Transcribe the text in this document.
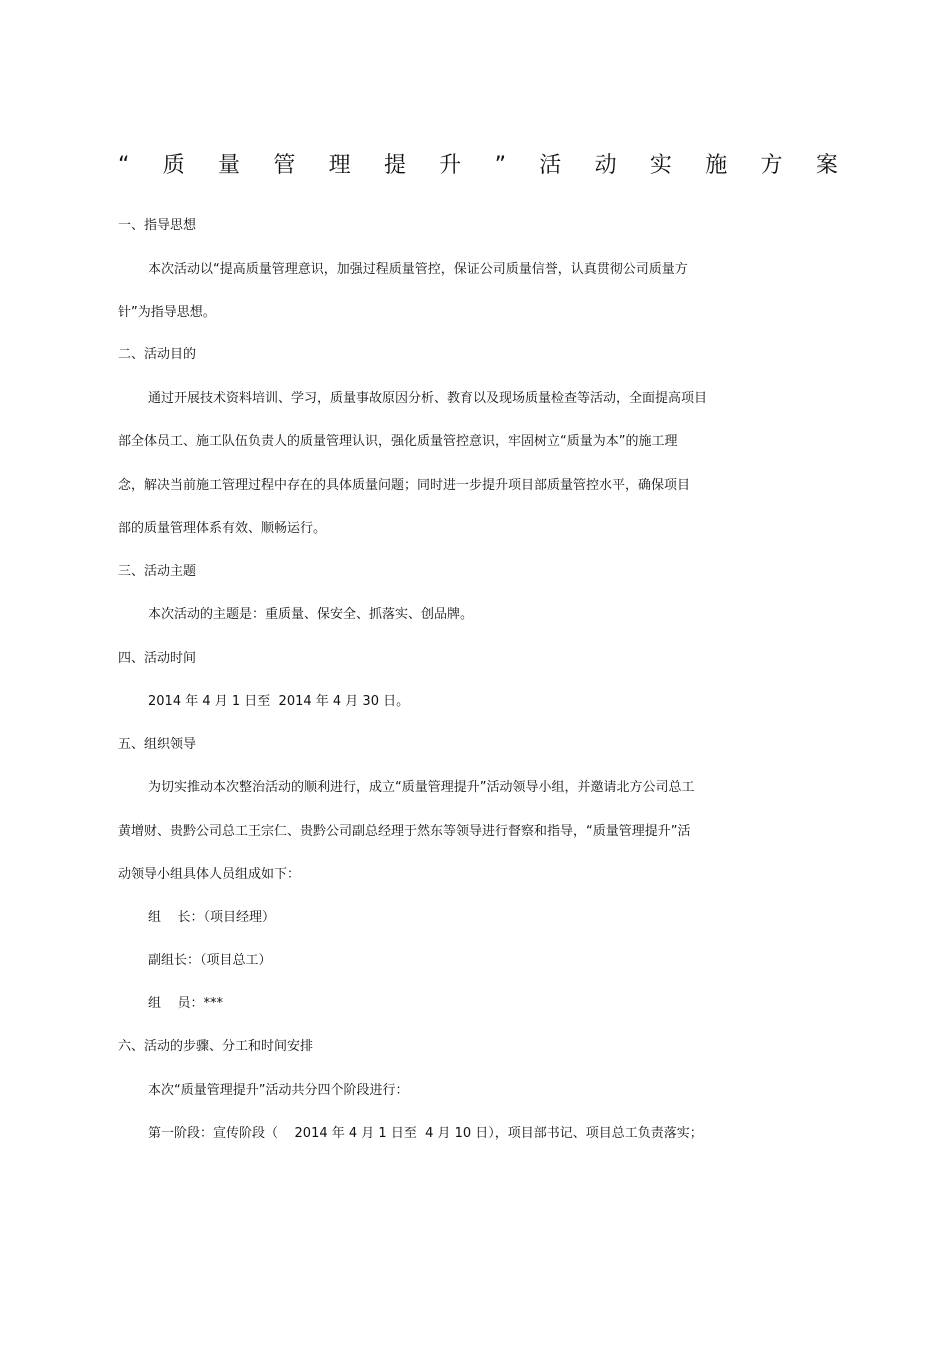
“ 质 量 管 理 提 升 ” 活 动 实 施 方 案
一、指导思想
本次活动以“提高质量管理意识，加强过程质量管控，保证公司质量信誉，认真贯彻公司质量方
针”为指导思想。
二、活动目的
通过开展技术资料培训、学习，质量事故原因分析、教育以及现场质量检查等活动，全面提高项目
部全体员工、施工队伍负责人的质量管理认识，强化质量管控意识，牢固树立“质量为本”的施工理
念，解决当前施工管理过程中存在的具体质量问题；同时进一步提升项目部质量管控水平，确保项目
部的质量管理体系有效、顺畅运行。
三、活动主题
本次活动的主题是：重质量、保安全、抓落实、创品牌。
四、活动时间
2014 年 4 月 1 日至  2014 年 4 月 30 日。
五、组织领导
为切实推动本次整治活动的顺利进行，成立“质量管理提升”活动领导小组，并邀请北方公司总工
黄增财、贵黔公司总工王宗仁、贵黔公司副总经理于然东等领导进行督察和指导，“质量管理提升”活
动领导小组具体人员组成如下：
组    长：（项目经理）
副组长：（项目总工）
组    员：***
六、活动的步骤、分工和时间安排
本次“质量管理提升”活动共分四个阶段进行：
第一阶段：宣传阶段（    2014 年 4 月 1 日至  4 月 10 日），项目部书记、项目总工负责落实；
